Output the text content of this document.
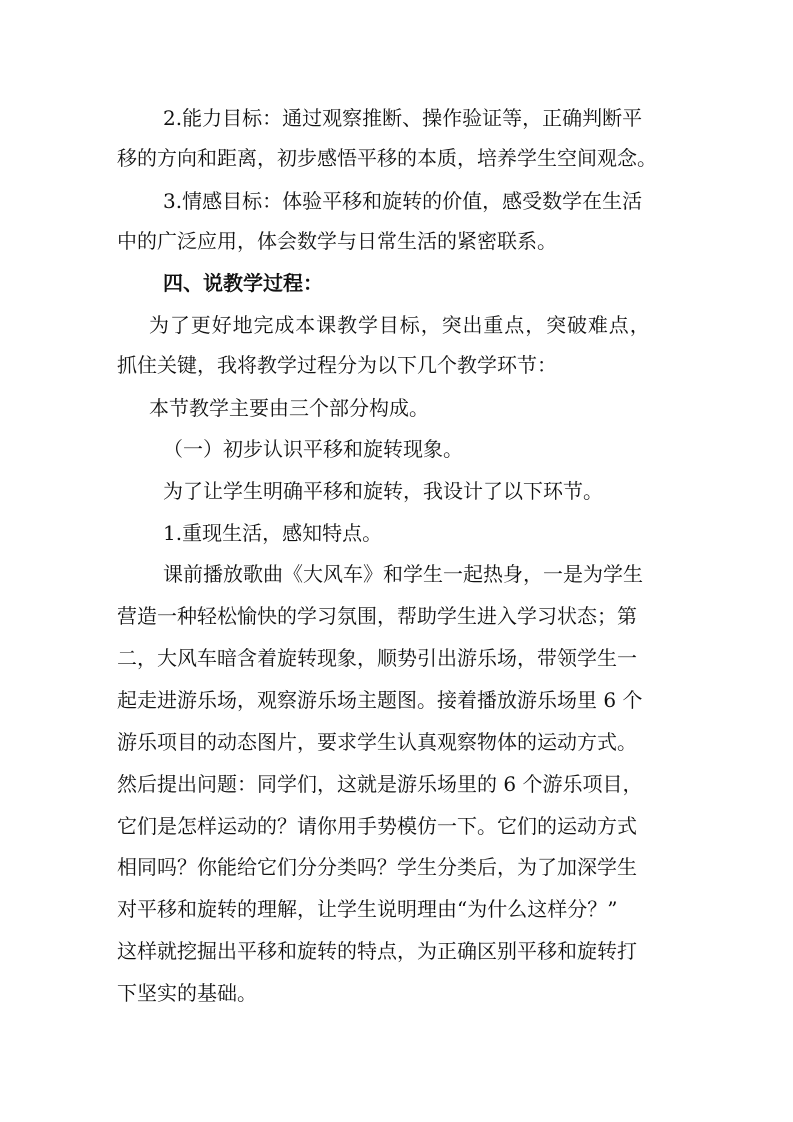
2.能力目标：通过观察推断、操作验证等，正确判断平
移的方向和距离，初步感悟平移的本质，培养学生空间观念。
3.情感目标：体验平移和旋转的价值，感受数学在生活
中的广泛应用，体会数学与日常生活的紧密联系。
四、说教学过程：
为了更好地完成本课教学目标，突出重点，突破难点，
抓住关键，我将教学过程分为以下几个教学环节：
本节教学主要由三个部分构成。
（一）初步认识平移和旋转现象。
为了让学生明确平移和旋转，我设计了以下环节。
1.重现生活，感知特点。
课前播放歌曲《大风车》和学生一起热身，一是为学生
营造一种轻松愉快的学习氛围，帮助学生进入学习状态；第
二，大风车暗含着旋转现象，顺势引出游乐场，带领学生一
起走进游乐场，观察游乐场主题图。接着播放游乐场里 6 个
游乐项目的动态图片，要求学生认真观察物体的运动方式。
然后提出问题：同学们，这就是游乐场里的 6 个游乐项目，
它们是怎样运动的？请你用手势模仿一下。它们的运动方式
相同吗？你能给它们分分类吗？学生分类后，为了加深学生
对平移和旋转的理解，让学生说明理由“为什么这样分？”
这样就挖掘出平移和旋转的特点，为正确区别平移和旋转打
下坚实的基础。
